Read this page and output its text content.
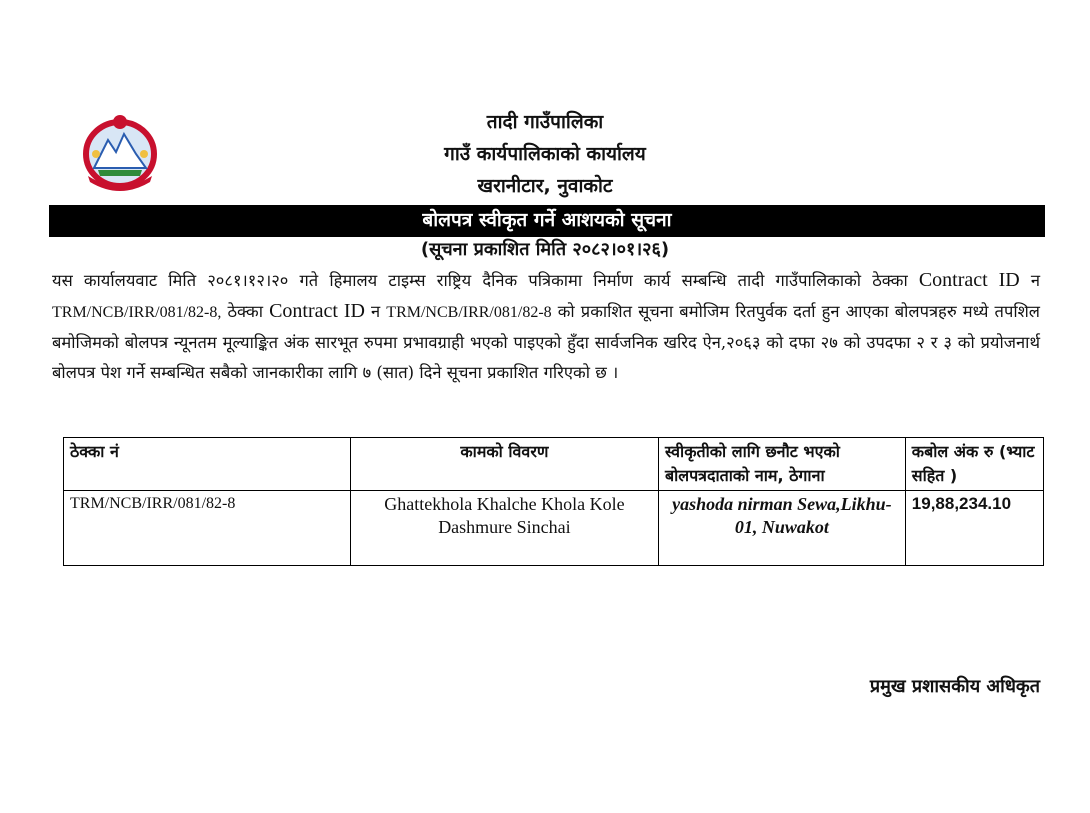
तादी गाउँपालिका
गाउँ कार्यपालिकाको कार्यालय
खरानीटार, नुवाकोट
बोलपत्र स्वीकृत गर्ने आशयको सूचना
(सूचना प्रकाशित मिति २०८२।०१।२६)
यस कार्यालयवाट मिति २०८१।१२।२० गते हिमालय टाइम्स राष्ट्रिय दैनिक पत्रिकामा निर्माण कार्य सम्बन्धि तादी गाउँपालिकाको ठेक्का Contract ID न TRM/NCB/IRR/081/82-8, ठेक्का Contract ID न TRM/NCB/IRR/081/82-8 को प्रकाशित सूचना बमोजिम रितपुर्वक दर्ता हुन आएका बोलपत्रहरु मध्ये तपशिल बमोजिमको बोलपत्र न्यूनतम मूल्याङ्कित अंक सारभूत रुपमा प्रभावग्राही भएको पाइएको हुँदा सार्वजनिक खरिद ऐन,२०६३ को दफा २७ को उपदफा २ र ३ को प्रयोजनार्थ बोलपत्र पेश गर्ने सम्बन्धित सबैको जानकारीका लागि ७ (सात) दिने सूचना प्रकाशित गरिएको छ ।
ठेक्का नं	कामको विवरण	स्वीकृतीको लागि छनौट भएको बोलपत्रदाताको नाम, ठेगाना	कबोल अंक रु (भ्याट सहित )
TRM/NCB/IRR/081/82-8	Ghattekhola Khalche Khola Kole Dashmure Sinchai	yashoda nirman Sewa,Likhu-01, Nuwakot	19,88,234.10
प्रमुख प्रशासकीय अधिकृत
